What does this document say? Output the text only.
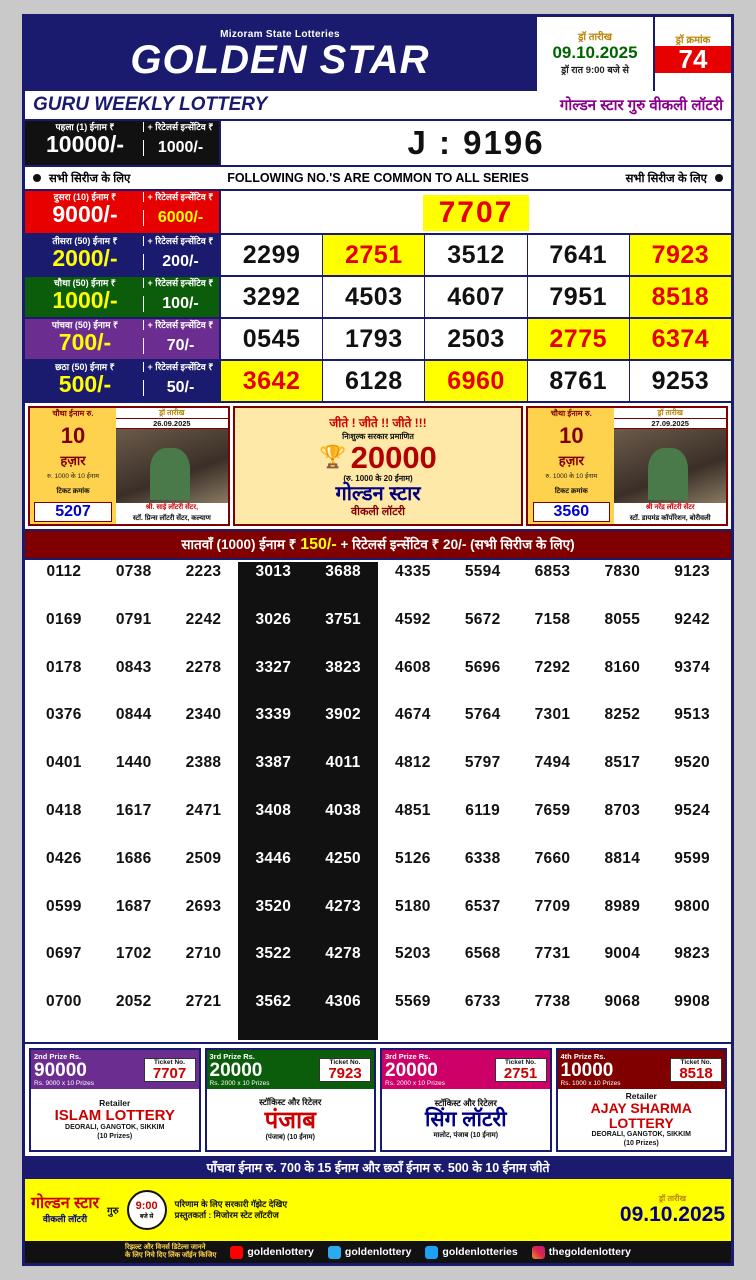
Mizoram State Lotteries
GOLDEN STAR	ड्रॉ तारीख
09.10.2025
ड्रॉ रात 9:00 बजे से
ड्रॉ क्रमांक
74
GURU WEEKLY LOTTERY	गोल्डन स्टार गुरु वीकली लॉटरी
पहला (1) ईनाम ₹	+ रिटेलर्स इन्सेंटिव ₹
10000/-	1000/-	J : 9196
सभी सिरीज के लिए	FOLLOWING NO.'S ARE COMMON TO ALL SERIES	सभी सिरीज के लिए
दुसरा (10) ईनाम ₹	+ रिटेलर्स इन्सेंटिव ₹
9000/-	6000/-	7707
तीसरा (50) ईनाम ₹	+ रिटेलर्स इन्सेंटिव ₹
2000/-	200/-	2299	2751	3512	7641	7923
चौथा (50) ईनाम ₹	+ रिटेलर्स इन्सेंटिव ₹
1000/-	100/-	3292	4503	4607	7951	8518
पांचवा (50) ईनाम ₹	+ रिटेलर्स इन्सेंटिव ₹
700/-	70/-	0545	1793	2503	2775	6374
छठा (50) ईनाम ₹	+ रिटेलर्स इन्सेंटिव ₹
500/-	50/-	3642	6128	6960	8761	9253
चौथा ईनाम रु.
10
हज़ार
रु. 1000 के 10 ईनाम
टिकट क्रमांक
5207
ड्रॉ तारीख
26.09.2025
श्री. साई लॉटरी सेंटर,
स्टॉ. प्रिन्स लॉटरी सेंटर, कल्याण
जीते ! जीते !! जीते !!!
निःशुल्क सरकार प्रमाणित
🏆 20000
(रु. 1000 के 20 ईनाम)
गोल्डन स्टार
वीकली लॉटरी
चौथा ईनाम रु.
10
हज़ार
रु. 1000 के 10 ईनाम
टिकट क्रमांक
3560
ड्रॉ तारीख
27.09.2025
श्री नरेंद्र लॉटरी सेंटर
स्टॉ. डायमंड कॉर्पोरेशन, बोरीवली
सातवाँ (1000) ईनाम ₹ 150/- + रिटेलर्स इन्सेंटिव ₹ 20/- (सभी सिरीज के लिए)
0112	0738	2223	3013	3688	4335	5594	6853	7830	9123
0169	0791	2242	3026	3751	4592	5672	7158	8055	9242
0178	0843	2278	3327	3823	4608	5696	7292	8160	9374
0376	0844	2340	3339	3902	4674	5764	7301	8252	9513
0401	1440	2388	3387	4011	4812	5797	7494	8517	9520
0418	1617	2471	3408	4038	4851	6119	7659	8703	9524
0426	1686	2509	3446	4250	5126	6338	7660	8814	9599
0599	1687	2693	3520	4273	5180	6537	7709	8989	9800
0697	1702	2710	3522	4278	5203	6568	7731	9004	9823
0700	2052	2721	3562	4306	5569	6733	7738	9068	9908
2nd Prize Rs.
90000
Rs. 9000 x 10 Prizes
Ticket No.
7707
Retailer
ISLAM LOTTERY
DEORALI, GANGTOK, SIKKIM
(10 Prizes)
3rd Prize Rs.
20000
Rs. 2000 x 10 Prizes
Ticket No.
7923
स्टॉकिस्ट और रिटेलर
पंजाब
(पंजाब) (10 ईनाम)
3rd Prize Rs.
20000
Rs. 2000 x 10 Prizes
Ticket No.
2751
स्टॉकिस्ट और रिटेलर
सिंग लॉटरी
मालोट, पंजाब (10 ईनाम)
4th Prize Rs.
10000
Rs. 1000 x 10 Prizes
Ticket No.
8518
Retailer
AJAY SHARMA LOTTERY
DEORALI, GANGTOK, SIKKIM
(10 Prizes)
पाँचवा ईनाम रु. 700 के 15 ईनाम और छठाँ ईनाम रु. 500 के 10 ईनाम जीते
गोल्डन स्टार
वीकली लॉटरी
गुरु 9:00
बजे से
परिणाम के लिए सरकारी गॅझेट देखिए
प्रस्तुतकर्ता : मिजोरम स्टेट लॉटरीज
ड्रॉ तारीख
09.10.2025
रिझल्ट और विनर्स डिटेल्स जानने
के लिए निचे दिए लिंक जॉईन किजिए	goldenlottery	goldenlottery	goldenlotteries	thegoldenlottery
